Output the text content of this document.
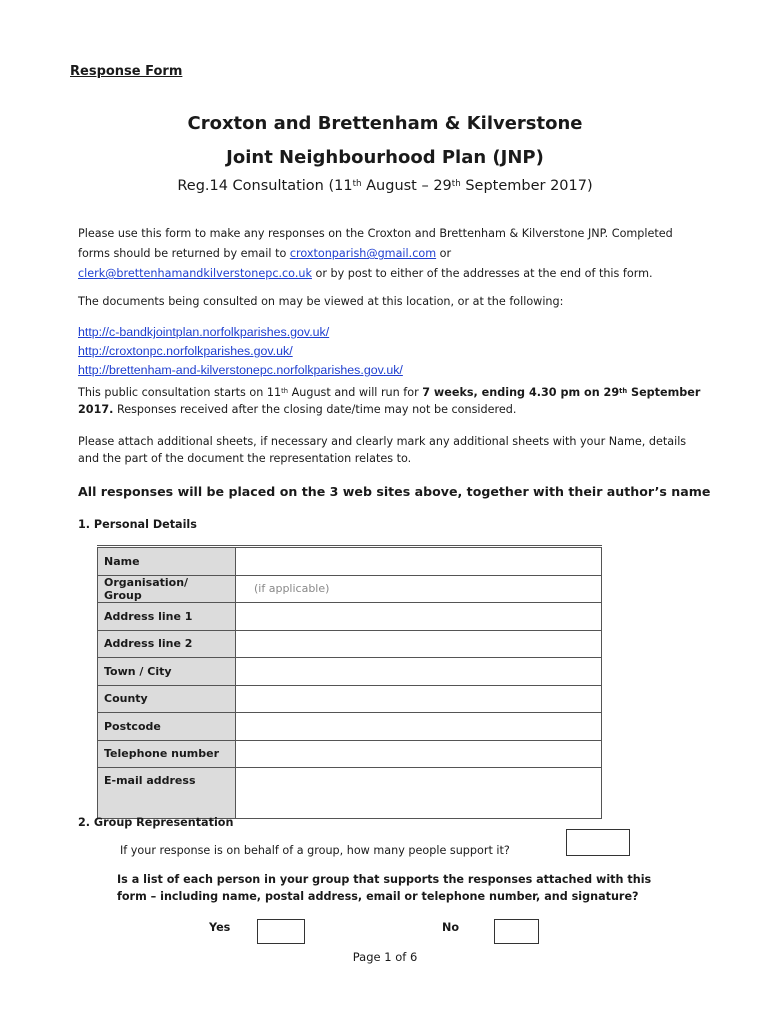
Response Form
Croxton and Brettenham & Kilverstone
Joint Neighbourhood Plan (JNP)
Reg.14 Consultation (11th August – 29th September 2017)
Please use this form to make any responses on the Croxton and Brettenham & Kilverstone JNP. Completed forms should be returned by email to croxtonparish@gmail.com or
clerk@brettenhamandkilverstonepc.co.uk or by post to either of the addresses at the end of this form.
The documents being consulted on may be viewed at this location, or at the following:
http://c-bandkjointplan.norfolkparishes.gov.uk/
http://croxtonpc.norfolkparishes.gov.uk/
http://brettenham-and-kilverstonepc.norfolkparishes.gov.uk/
This public consultation starts on 11th August and will run for 7 weeks, ending 4.30 pm on 29th September 2017. Responses received after the closing date/time may not be considered.
Please attach additional sheets, if necessary and clearly mark any additional sheets with your Name, details and the part of the document the representation relates to.
All responses will be placed on the 3 web sites above, together with their author’s name
1. Personal Details
Name	
Organisation/ Group	(if applicable)
Address line 1	
Address line 2	
Town / City	
County	
Postcode	
Telephone number	
E-mail address	
2. Group Representation
If your response is on behalf of a group, how many people support it?
Is a list of each person in your group that supports the responses attached with this form – including name, postal address, email or telephone number, and signature?
Yes	No
Page 1 of 6
